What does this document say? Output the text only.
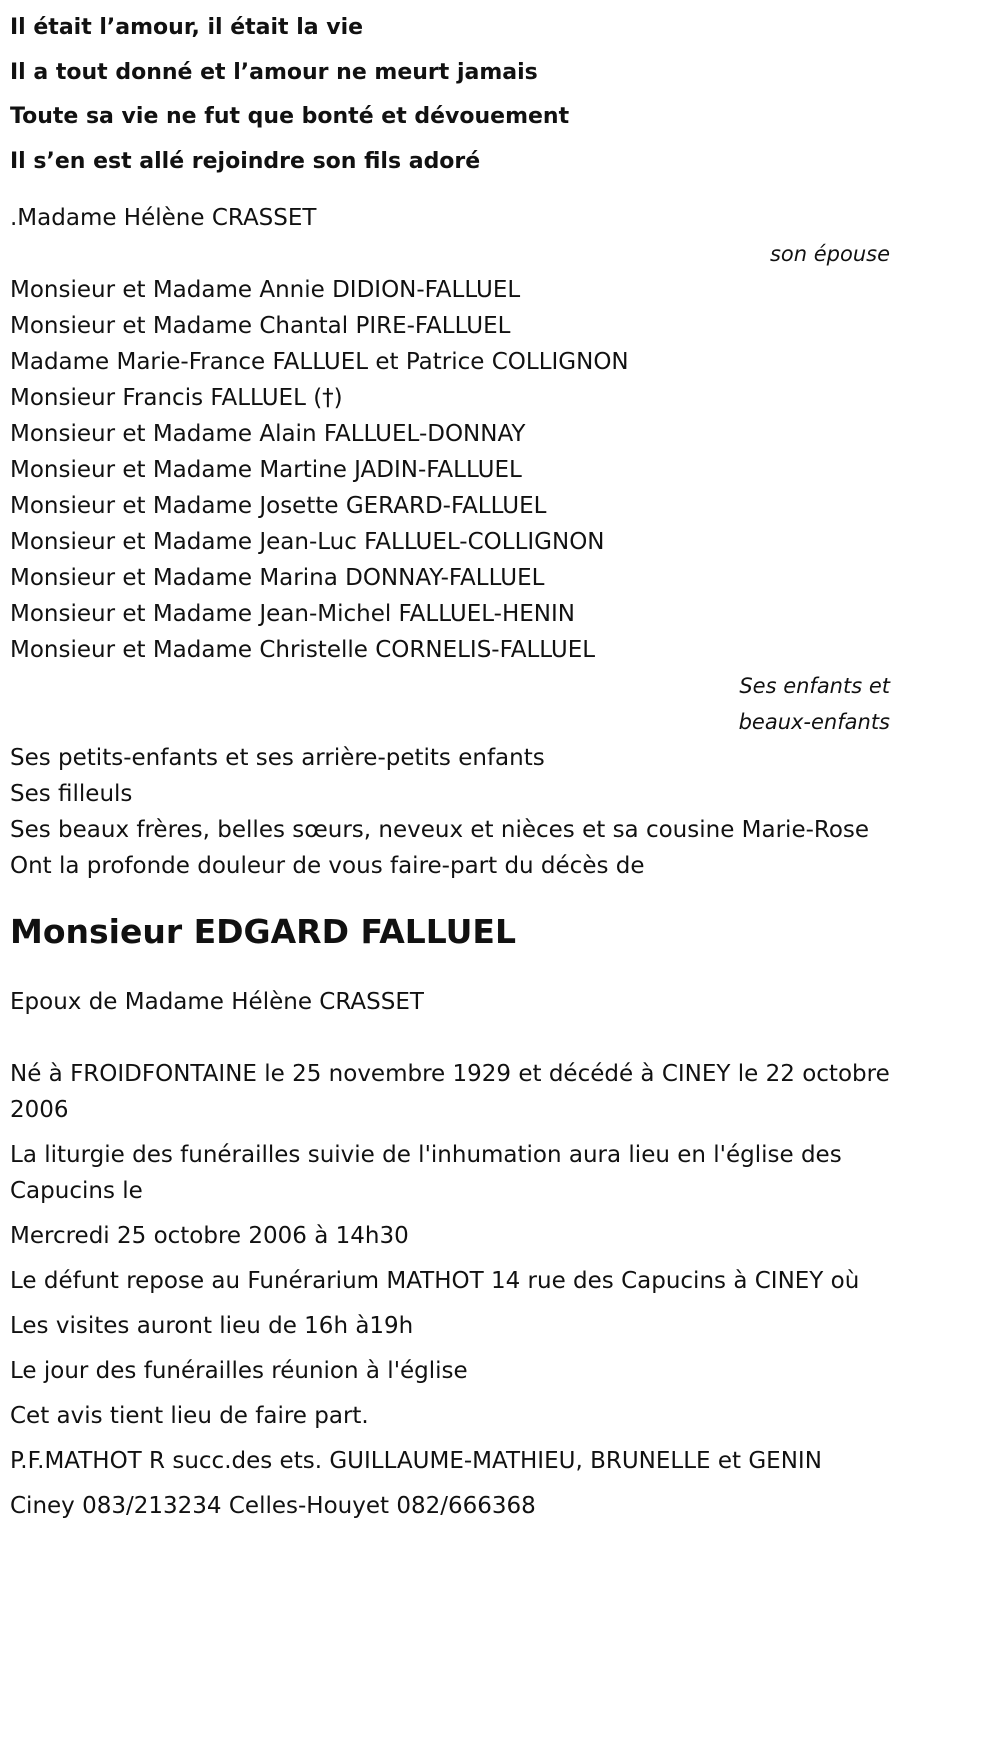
Il était l’amour, il était la vie
Il a tout donné et l’amour ne meurt jamais
Toute sa vie ne fut que bonté et dévouement
Il s’en est allé rejoindre son fils adoré
.Madame Hélène CRASSET
son épouse
Monsieur et Madame Annie DIDION-FALLUEL
Monsieur et Madame Chantal PIRE-FALLUEL
Madame Marie-France FALLUEL et Patrice COLLIGNON
Monsieur Francis FALLUEL (†)
Monsieur et Madame Alain FALLUEL-DONNAY
Monsieur et Madame Martine JADIN-FALLUEL
Monsieur et Madame Josette GERARD-FALLUEL
Monsieur et Madame Jean-Luc FALLUEL-COLLIGNON
Monsieur et Madame Marina DONNAY-FALLUEL
Monsieur et Madame Jean-Michel FALLUEL-HENIN
Monsieur et Madame Christelle CORNELIS-FALLUEL
Ses enfants et
beaux-enfants
Ses petits-enfants et ses arrière-petits enfants
Ses filleuls
Ses beaux frères, belles sœurs, neveux et nièces et sa cousine Marie-Rose
Ont la profonde douleur de vous faire-part du décès de
Monsieur EDGARD FALLUEL
Epoux de Madame Hélène CRASSET
Né à FROIDFONTAINE le 25 novembre 1929 et décédé à CINEY le 22 octobre 2006
La liturgie des funérailles suivie de l'inhumation aura lieu en l'église des Capucins le
Mercredi 25 octobre 2006 à 14h30
Le défunt repose au Funérarium MATHOT 14 rue des Capucins à CINEY où
Les visites auront lieu de 16h à19h
Le jour des funérailles réunion à l'église
Cet avis tient lieu de faire part.
P.F.MATHOT R succ.des ets. GUILLAUME-MATHIEU, BRUNELLE et GENIN
Ciney 083/213234 Celles-Houyet 082/666368
